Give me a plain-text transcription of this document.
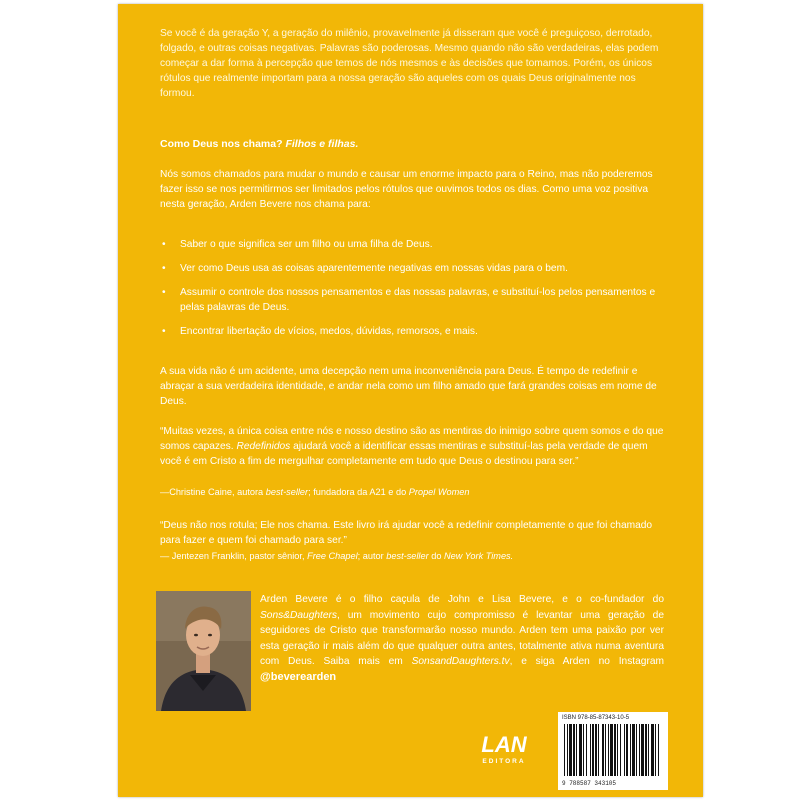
Se você é da geração Y, a geração do milênio, provavelmente já disseram que você é preguiçoso, derrotado, folgado, e outras coisas negativas. Palavras são poderosas. Mesmo quando não são verdadeiras, elas podem começar a dar forma à percepção que temos de nós mesmos e às decisões que tomamos. Porém, os únicos rótulos que realmente importam para a nossa geração são aqueles com os quais Deus originalmente nos formou.

Como Deus nos chama? Filhos e filhas.

Nós somos chamados para mudar o mundo e causar um enorme impacto para o Reino, mas não poderemos fazer isso se nos permitirmos ser limitados pelos rótulos que ouvimos todos os dias. Como uma voz positiva nesta geração, Arden Bevere nos chama para:

• Saber o que significa ser um filho ou uma filha de Deus.
• Ver como Deus usa as coisas aparentemente negativas em nossas vidas para o bem.
• Assumir o controle dos nossos pensamentos e das nossas palavras, e substituí-los pelos pensamentos e pelas palavras de Deus.
• Encontrar libertação de vícios, medos, dúvidas, remorsos, e mais.

A sua vida não é um acidente, uma decepção nem uma inconveniência para Deus. É tempo de redefinir e abraçar a sua verdadeira identidade, e andar nela como um filho amado que fará grandes coisas em nome de Deus.

“Muitas vezes, a única coisa entre nós e nosso destino são as mentiras do inimigo sobre quem somos e do que somos capazes. Redefinidos ajudará você a identificar essas mentiras e substituí-las pela verdade de quem você é em Cristo a fim de mergulhar completamente em tudo que Deus o destinou para ser.”

—Christine Caine, autora best-seller; fundadora da A21 e do Propel Women

“Deus não nos rotula; Ele nos chama. Este livro irá ajudar você a redefinir completamente o que foi chamado para fazer e quem foi chamado para ser.”

— Jentezen Franklin, pastor sênior, Free Chapel; autor best-seller do New York Times.

Arden Bevere é o filho caçula de John e Lisa Bevere, e o co-fundador do Sons&Daughters, um movimento cujo compromisso é levantar uma geração de seguidores de Cristo que transformarão nosso mundo. Arden tem uma paixão por ver esta geração ir mais além do que qualquer outra antes, totalmente ativa numa aventura com Deus. Saiba mais em SonsandDaughters.tv, e siga Arden no Instagram @beverearden

LAN
EDITORA
ISBN 978-85-87343-10-5
9 788587 343105
